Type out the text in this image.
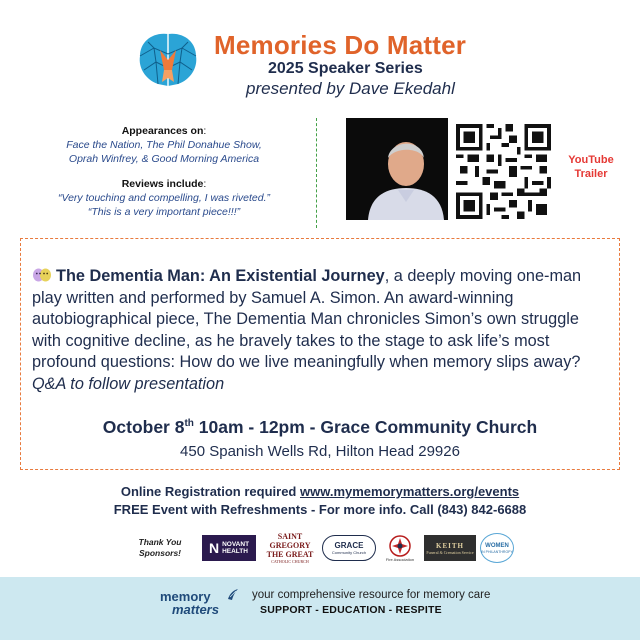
Memories Do Matter
2025 Speaker Series
presented by Dave Ekedahl
Appearances on:
Face the Nation, The Phil Donahue Show,
Oprah Winfrey, & Good Morning America
Reviews include:
“Very touching and compelling, I was riveted.”
“This is a very important piece!!!”
YouTube
Trailer
The Dementia Man: An Existential Journey, a deeply moving one-man play written and performed by Samuel A. Simon. An award-winning autobiographical piece, The Dementia Man chronicles Simon’s own struggle with cognitive decline, as he bravely takes to the stage to ask life’s most profound questions: How do we live meaningfully when memory slips away? Q&A to follow presentation
October 8th 10am - 12pm - Grace Community Church
450 Spanish Wells Rd, Hilton Head 29926
Online Registration required www.mymemorymatters.org/events
FREE Event with Refreshments - For more info. Call (843) 842-6688
Thank You
Sponsors!	N NOVANT
HEALTH
SAINT
GREGORY
THE GREAT
CATHOLIC CHURCH
GRACE
Community Church
Fire Association
KEITH
Funeral & Cremation Service
WOMEN
IN PHILANTHROPY
memory
matters
your comprehensive resource for memory care
SUPPORT - EDUCATION - RESPITE
